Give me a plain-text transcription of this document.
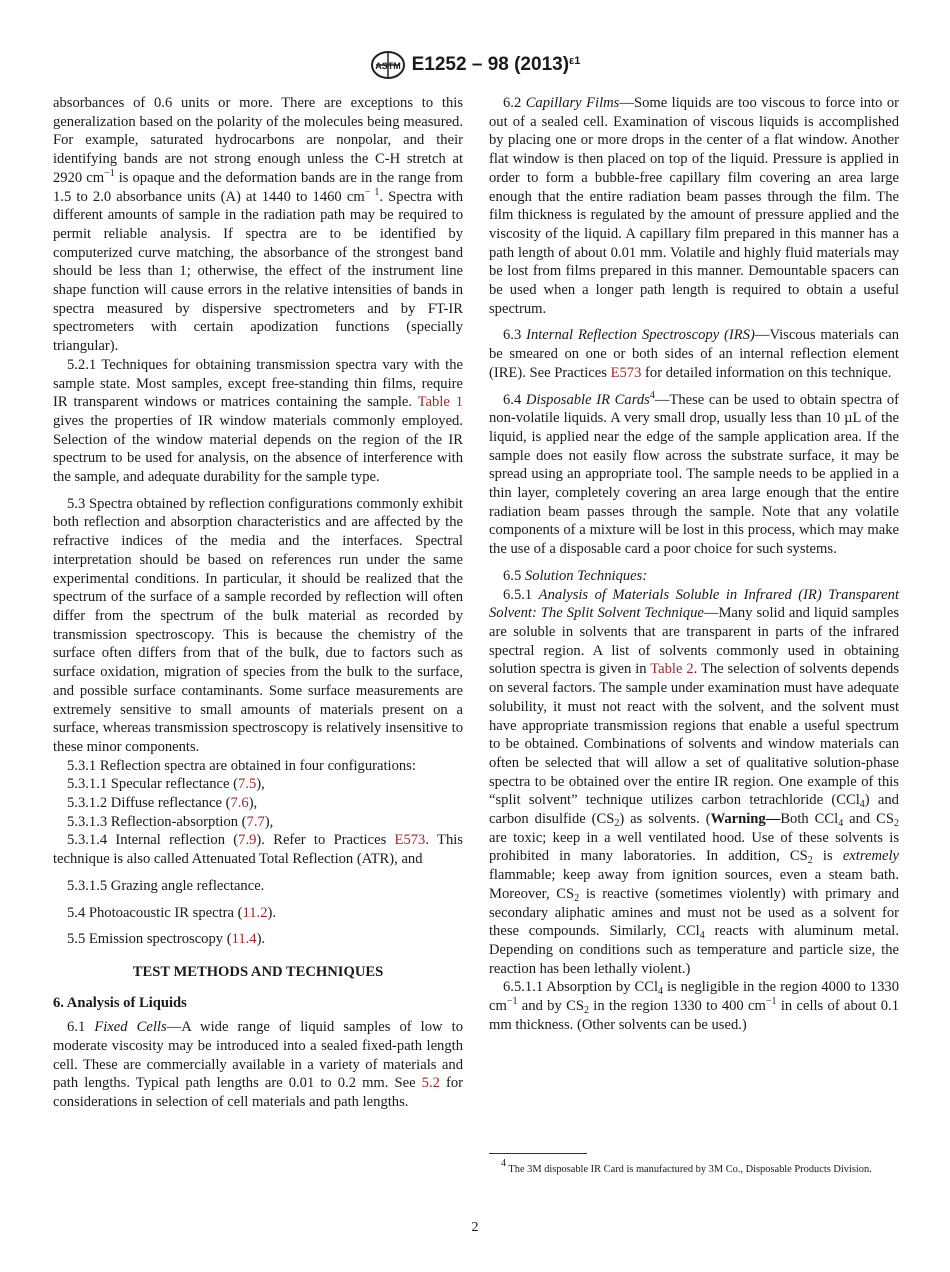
ASTM E1252 – 98 $(2013)^{\varepsilon 1}$

absorbances of 0.6 units or more. There are exceptions to this generalization based on the polarity of the molecules being measured. For example, saturated hydrocarbons are nonpolar, and their identifying bands are not strong enough unless the C-H stretch at 2920 $cm^{-1}$ is opaque and the deformation bands are in the range from 1.5 to 2.0 absorbance units (A) at 1440 to 1460 $cm^{- 1}$. Spectra with different amounts of sample in the radiation path may be required to permit reliable analysis. If spectra are to be identified by computerized curve matching, the absorbance of the strongest band should be less than 1; otherwise, the effect of the instrument line shape function will cause errors in the relative intensities of bands in spectra measured by dispersive spectrometers and by FT-IR spectrometers with certain apodization functions (specially triangular).

5.2.1 Techniques for obtaining transmission spectra vary with the sample state. Most samples, except free-standing thin films, require IR transparent windows or matrices containing the sample. Table 1 gives the properties of IR window materials commonly employed. Selection of the window material depends on the region of the IR spectrum to be used for analysis, on the absence of interference with the sample, and adequate durability for the sample type.

5.3 Spectra obtained by reflection configurations commonly exhibit both reflection and absorption characteristics and are affected by the refractive indices of the media and the interfaces. Spectral interpretation should be based on references run under the same experimental conditions. In particular, it should be realized that the spectrum of the surface of a sample recorded by reflection will often differ from the spectrum of the bulk material as recorded by transmission spectroscopy. This is because the chemistry of the surface often differs from that of the bulk, due to factors such as surface oxidation, migration of species from the bulk to the surface, and possible surface contaminants. Some surface measurements are extremely sensitive to small amounts of materials present on a surface, whereas transmission spectroscopy is relatively insensitive to these minor components.

5.3.1 Reflection spectra are obtained in four configurations:

5.3.1.1 Specular reflectance (7.5),

5.3.1.2 Diffuse reflectance (7.6),

5.3.1.3 Reflection-absorption (7.7),

5.3.1.4 Internal reflection (7.9). Refer to Practices E573. This technique is also called Attenuated Total Reflection (ATR), and

5.3.1.5 Grazing angle reflectance.

5.4 Photoacoustic IR spectra (11.2).

5.5 Emission spectroscopy (11.4).

TEST METHODS AND TECHNIQUES

6. Analysis of Liquids

6.1 Fixed Cells—A wide range of liquid samples of low to moderate viscosity may be introduced into a sealed fixed-path length cell. These are commercially available in a variety of materials and path lengths. Typical path lengths are 0.01 to 0.2 mm. See 5.2 for considerations in selection of cell materials and path lengths.

6.2 Capillary Films—Some liquids are too viscous to force into or out of a sealed cell. Examination of viscous liquids is accomplished by placing one or more drops in the center of a flat window. Another flat window is then placed on top of the liquid. Pressure is applied in order to form a bubble-free capillary film covering an area large enough that the entire radiation beam passes through the film. The film thickness is regulated by the amount of pressure applied and the viscosity of the liquid. A capillary film prepared in this manner has a path length of about 0.01 mm. Volatile and highly fluid materials may be lost from films prepared in this manner. Demountable spacers can be used when a longer path length is required to obtain a useful spectrum.

6.3 Internal Reflection Spectroscopy (IRS)—Viscous materials can be smeared on one or both sides of an internal reflection element (IRE). See Practices E573 for detailed information on this technique.

6.4 Disposable IR Cards$^4$—These can be used to obtain spectra of non-volatile liquids. A very small drop, usually less than 10 µL of the liquid, is applied near the edge of the sample application area. If the sample does not easily flow across the substrate surface, it may be spread using an appropriate tool. The sample needs to be applied in a thin layer, completely covering an area large enough that the entire radiation beam passes through the sample. Note that any volatile components of a mixture will be lost in this process, which may make the use of a disposable card a poor choice for such systems.

6.5 Solution Techniques:

6.5.1 Analysis of Materials Soluble in Infrared (IR) Transparent Solvent: The Split Solvent Technique—Many solid and liquid samples are soluble in solvents that are transparent in parts of the infrared spectral region. A list of solvents commonly used in obtaining solution spectra is given in Table 2. The selection of solvents depends on several factors. The sample under examination must have adequate solubility, it must not react with the solvent, and the solvent must have appropriate transmission regions that enable a useful spectrum to be obtained. Combinations of solvents and window materials can often be selected that will allow a set of qualitative solution-phase spectra to be obtained over the entire IR region. One example of this “split solvent” technique utilizes carbon tetrachloride (CCl$_4$) and carbon disulfide $(CS_2)$ as solvents. (Warning—Both CCl$_4$ and $CS_2$ are toxic; keep in a well ventilated hood. Use of these solvents is prohibited in many laboratories. In addition, $CS_2$ is extremely flammable; keep away from ignition sources, even a steam bath. Moreover, $CS_2$ is reactive (sometimes violently) with primary and secondary aliphatic amines and must not be used as a solvent for these compounds. Similarly, CCl$_4$ reacts with aluminum metal. Depending on conditions such as temperature and particle size, the reaction has been lethally violent.)

6.5.1.1 Absorption by CCl$_4$ is negligible in the region 4000 to 1330 $cm^{-1}$ and by $CS_2$ in the region 1330 to 400 $cm^{-1}$ in cells of about 0.1 mm thickness. (Other solvents can be used.)

$^4$ The 3M disposable IR Card is manufactured by 3M Co., Disposable Products Division.
2
